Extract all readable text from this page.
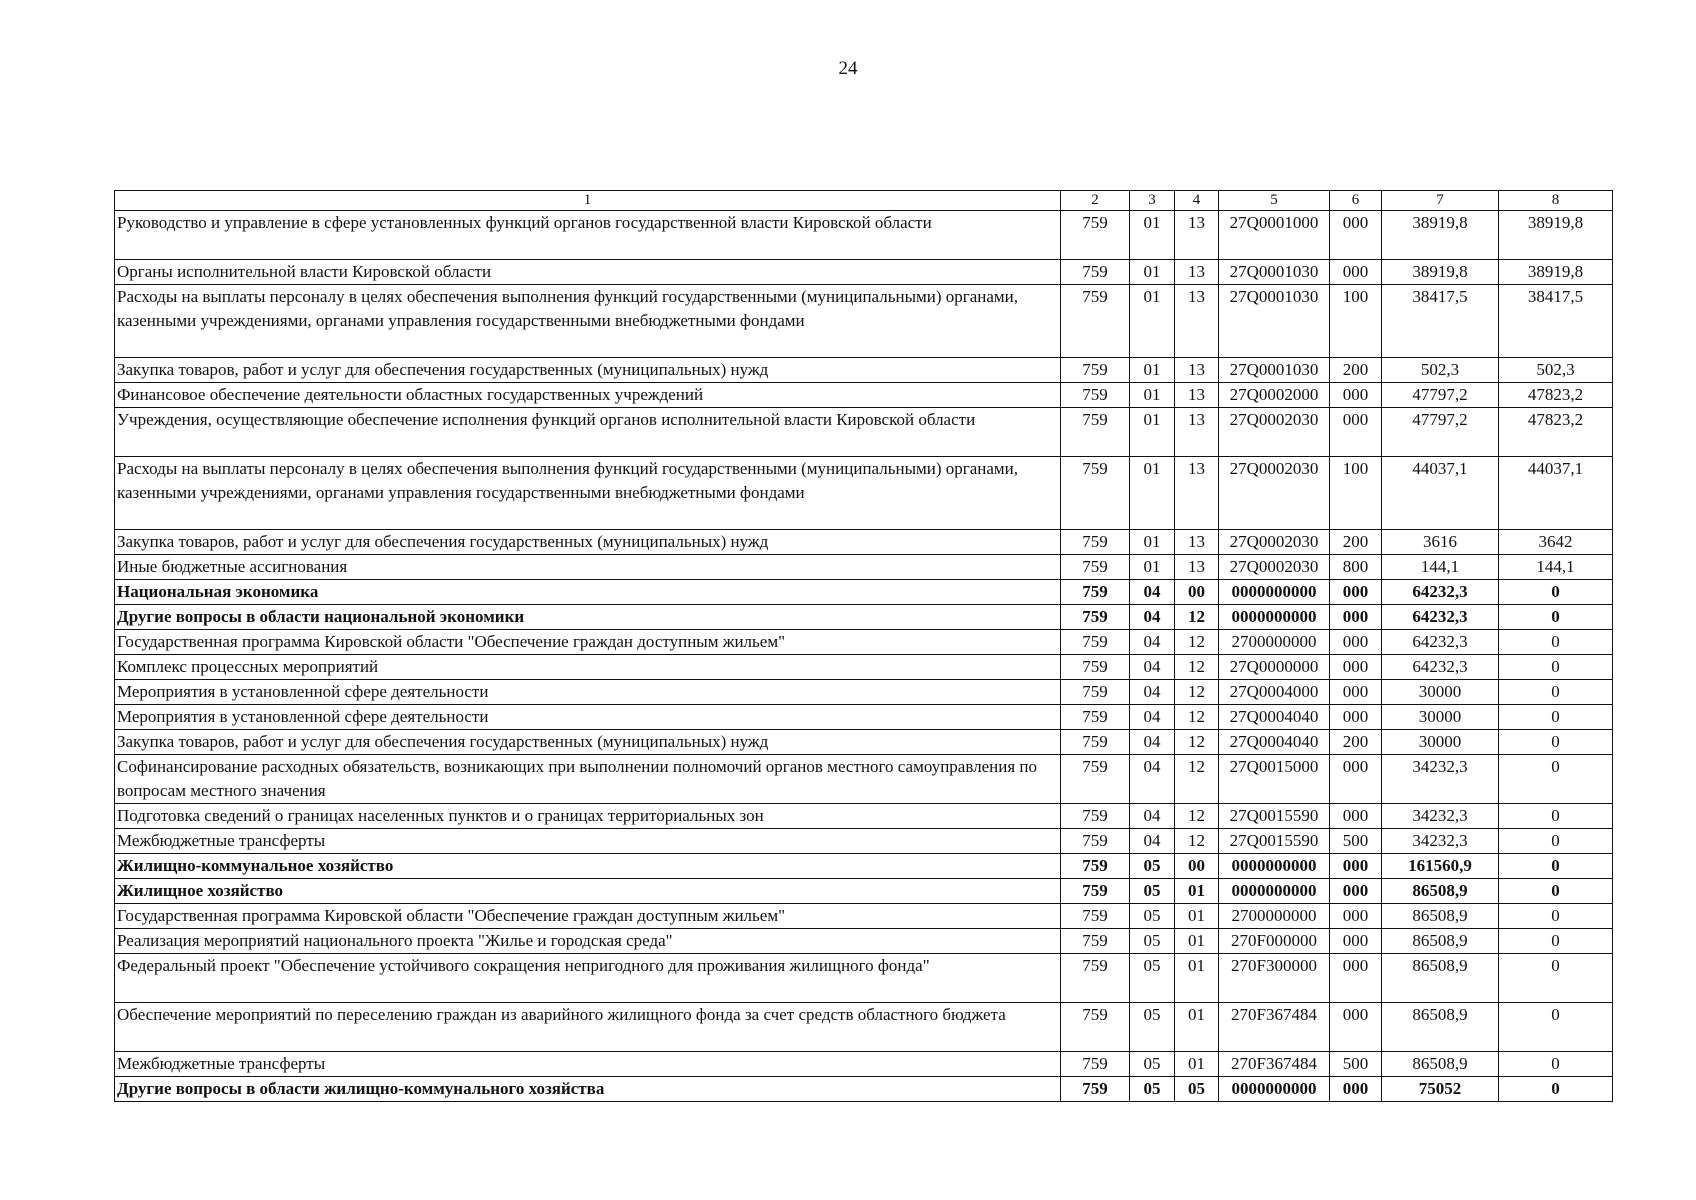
24
1	2	3	4	5	6	7	8
Руководство и управление в сфере установленных функций органов государственной власти Кировской области	759	01	13	27Q0001000	000	38919,8	38919,8
Органы исполнительной власти Кировской области	759	01	13	27Q0001030	000	38919,8	38919,8
Расходы на выплаты персоналу в целях обеспечения выполнения функций государственными (муниципальными) органами, казенными учреждениями, органами управления государственными внебюджетными фондами	759	01	13	27Q0001030	100	38417,5	38417,5
Закупка товаров, работ и услуг для обеспечения государственных (муниципальных) нужд	759	01	13	27Q0001030	200	502,3	502,3
Финансовое обеспечение деятельности областных государственных учреждений	759	01	13	27Q0002000	000	47797,2	47823,2
Учреждения, осуществляющие обеспечение исполнения функций органов исполнительной власти Кировской области	759	01	13	27Q0002030	000	47797,2	47823,2
Расходы на выплаты персоналу в целях обеспечения выполнения функций государственными (муниципальными) органами, казенными учреждениями, органами управления государственными внебюджетными фондами	759	01	13	27Q0002030	100	44037,1	44037,1
Закупка товаров, работ и услуг для обеспечения государственных (муниципальных) нужд	759	01	13	27Q0002030	200	3616	3642
Иные бюджетные ассигнования	759	01	13	27Q0002030	800	144,1	144,1
Национальная экономика	759	04	00	0000000000	000	64232,3	0
Другие вопросы в области национальной экономики	759	04	12	0000000000	000	64232,3	0
Государственная программа Кировской области "Обеспечение граждан доступным жильем"	759	04	12	2700000000	000	64232,3	0
Комплекс процессных мероприятий	759	04	12	27Q0000000	000	64232,3	0
Мероприятия в установленной сфере деятельности	759	04	12	27Q0004000	000	30000	0
Мероприятия в установленной сфере деятельности	759	04	12	27Q0004040	000	30000	0
Закупка товаров, работ и услуг для обеспечения государственных (муниципальных) нужд	759	04	12	27Q0004040	200	30000	0
Софинансирование расходных обязательств, возникающих при выполнении полномочий органов местного самоуправления по вопросам местного значения	759	04	12	27Q0015000	000	34232,3	0
Подготовка сведений о границах населенных пунктов и о границах территориальных зон	759	04	12	27Q0015590	000	34232,3	0
Межбюджетные трансферты	759	04	12	27Q0015590	500	34232,3	0
Жилищно-коммунальное хозяйство	759	05	00	0000000000	000	161560,9	0
Жилищное хозяйство	759	05	01	0000000000	000	86508,9	0
Государственная программа Кировской области "Обеспечение граждан доступным жильем"	759	05	01	2700000000	000	86508,9	0
Реализация мероприятий национального проекта "Жилье и городская среда"	759	05	01	270F000000	000	86508,9	0
Федеральный проект "Обеспечение устойчивого сокращения непригодного для проживания жилищного фонда"	759	05	01	270F300000	000	86508,9	0
Обеспечение мероприятий по переселению граждан из аварийного жилищного фонда за счет средств областного бюджета	759	05	01	270F367484	000	86508,9	0
Межбюджетные трансферты	759	05	01	270F367484	500	86508,9	0
Другие вопросы в области жилищно-коммунального хозяйства	759	05	05	0000000000	000	75052	0
